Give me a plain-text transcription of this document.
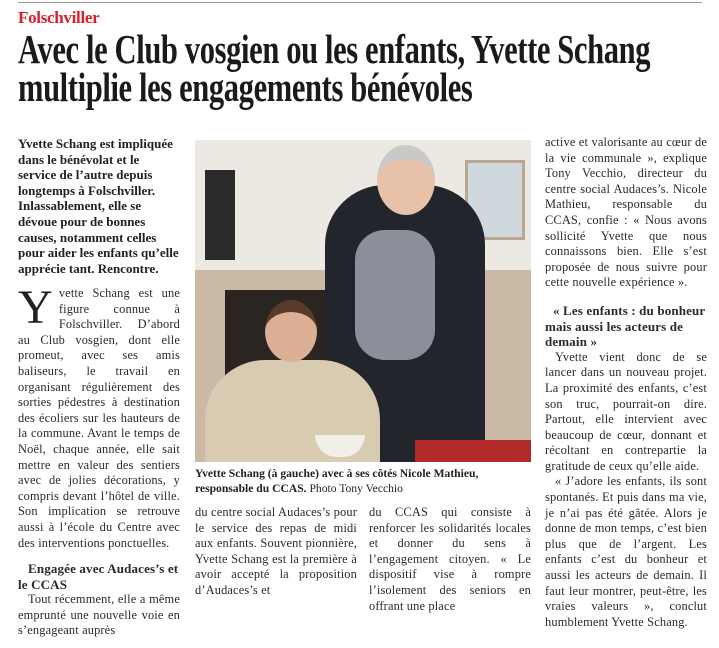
Folschviller
Avec le Club vosgien ou les enfants, Yvette Schang multiplie les engagements bénévoles
Yvette Schang est impliquée dans le bénévolat et le service de l’autre depuis longtemps à Folschviller. Inlassablement, elle se dévoue pour de bonnes causes, notamment celles pour aider les enfants qu’elle apprécie tant. Rencontre.

Yvette Schang est une figure connue à Folschviller. D’abord au Club vosgien, dont elle promeut, avec ses amis baliseurs, le travail en organisant régulièrement des sorties pédestres à destination des écoliers sur les hauteurs de la commune. Avant le temps de Noël, chaque année, elle sait mettre en valeur des sentiers avec de jolies décorations, y compris devant l’hôtel de ville. Son implication se retrouve aussi à l’école du Centre avec des interventions ponctuelles.

Engagée avec Audaces’s et le CCAS

Tout récemment, elle a même emprunté une nouvelle voie en s’engageant auprès

Yvette Schang (à gauche) avec à ses côtés Nicole Mathieu, responsable du CCAS. Photo Tony Vecchio

du centre social Audaces’s pour le service des repas de midi aux enfants. Souvent pionnière, Yvette Schang est la première à avoir accepté la proposition d’Audaces’s et

du CCAS qui consiste à renforcer les solidarités locales et donner du sens à l’engagement citoyen. « Le dispositif vise à rompre l’isolement des seniors en offrant une place

active et valorisante au cœur de la vie communale », explique Tony Vecchio, directeur du centre social Audaces’s. Nicole Mathieu, responsable du CCAS, confie : « Nous avons sollicité Yvette que nous connaissons bien. Elle s’est proposée de nous suivre pour cette nouvelle expérience ».

« Les enfants : du bonheur mais aussi les acteurs de demain »

Yvette vient donc de se lancer dans un nouveau projet. La proximité des enfants, c’est son truc, pourrait-on dire. Partout, elle intervient avec beaucoup de cœur, donnant et récoltant en contrepartie la gratitude de ceux qu’elle aide.

« J’adore les enfants, ils sont spontanés. Et puis dans ma vie, je n’ai pas été gâtée. Alors je donne de mon temps, c’est bien plus que de l’argent. Les enfants c’est du bonheur et aussi les acteurs de demain. Il faut leur montrer, peut-être, les vraies valeurs », conclut humblement Yvette Schang.
